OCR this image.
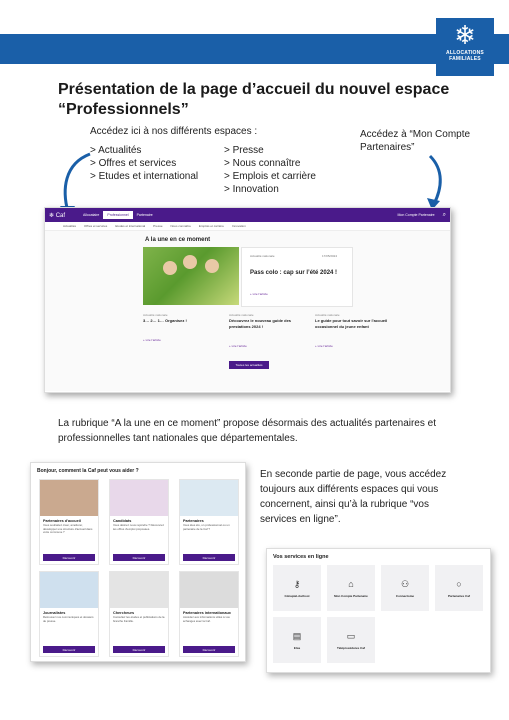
❄
ALLOCATIONS
FAMILIALES
Présentation de la page d’accueil du nouvel espace “Professionnels”
Accédez ici à nos différents espaces :
> Actualités
> Offres et services
> Etudes et international
> Presse
> Nous connaître
> Emplois et carrière
> Innovation
Accédez à “Mon Compte Partenaires”
❄ Caf	Allocataire	Professionnel	Partenaire	Mon Compte Partenaire	⌕
Actualités	Offres et services	Etudes et international	Presse	Nous connaître	Emplois et carrière	Innovation
A la une en ce moment
Actualité nationale	17/05/2024
Pass colo : cap sur l’été 2024 !
+ Lire l’article
Actualité nationale
3… 2… 1… Organisez !
+ Lire l’article
Actualité nationale
Découvrez le nouveau guide des prestations 2024 !
+ Lire l’article
Actualité nationale
Le guide pour tout savoir sur l’accueil occasionnel du jeune enfant
+ Lire l’article
Toutes les actualités
La rubrique “A la une en ce moment” propose désormais des actualités partenaires et professionnelles tant nationales que départementales.
Bonjour, comment la Caf peut vous aider ?
Partenaires d'accueil
Vous souhaitez créer, améliorer, développer une structure d'accueil dans votre commune ?
Découvrir
Candidats
Vous désirez nous rejoindre ? Découvrez les offres d'emploi proposées.
Découvrir
Partenaires
Vous êtes élu, un professionnel ou un partenaire de la Caf ?
Découvrir
Journalistes
Retrouvez nos communiqués et dossiers de presse.
Découvrir
Chercheurs
Consultez les études et publications de la branche Famille.
Découvrir
Partenaires internationaux
Accédez aux informations utiles à vos échanges avec la Caf.
Découvrir
En seconde partie de page, vous accédez toujours aux différents espaces qui vous concernent, ainsi qu’à la rubrique “vos services en ligne”.
Vos services en ligne
⚷
Cdcaptel-Authost
⌂
Mon Compte Partenaire
⚇
Connectome
○
Partenaires Caf
▤
Elsa
▭
Téléprocédures Caf
